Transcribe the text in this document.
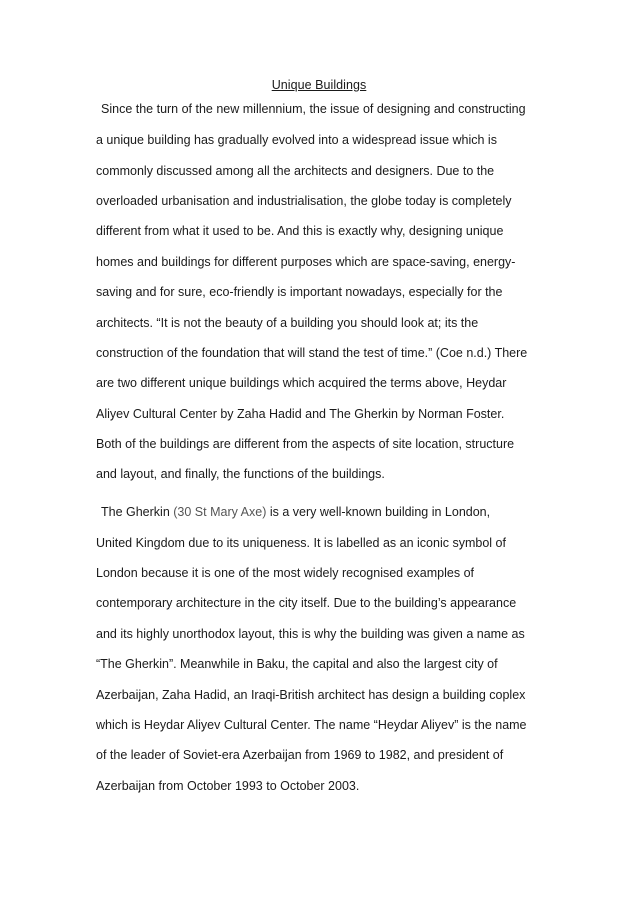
Unique Buildings
Since the turn of the new millennium, the issue of designing and constructing
a unique building has gradually evolved into a widespread issue which is
commonly discussed among all the architects and designers. Due to the
overloaded urbanisation and industrialisation, the globe today is completely
different from what it used to be. And this is exactly why, designing unique
homes and buildings for different purposes which are space-saving, energy-
saving and for sure, eco-friendly is important nowadays, especially for the
architects. “It is not the beauty of a building you should look at; its the
construction of the foundation that will stand the test of time.” (Coe n.d.) There
are two different unique buildings which acquired the terms above, Heydar
Aliyev Cultural Center by Zaha Hadid and The Gherkin by Norman Foster.
Both of the buildings are different from the aspects of site location, structure
and layout, and finally, the functions of the buildings.
The Gherkin (30 St Mary Axe) is a very well-known building in London,
United Kingdom due to its uniqueness. It is labelled as an iconic symbol of
London because it is one of the most widely recognised examples of
contemporary architecture in the city itself. Due to the building’s appearance
and its highly unorthodox layout, this is why the building was given a name as
“The Gherkin”. Meanwhile in Baku, the capital and also the largest city of
Azerbaijan, Zaha Hadid, an Iraqi-British architect has design a building coplex
which is Heydar Aliyev Cultural Center. The name “Heydar Aliyev” is the name
of the leader of Soviet-era Azerbaijan from 1969 to 1982, and president of
Azerbaijan from October 1993 to October 2003.
